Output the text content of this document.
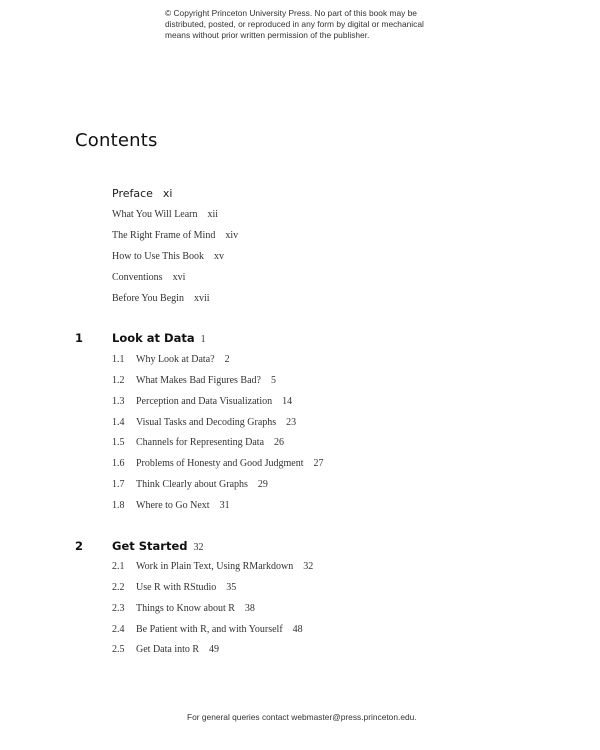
© Copyright Princeton University Press. No part of this book may be distributed, posted, or reproduced in any form by digital or mechanical means without prior written permission of the publisher.
Contents
Preface xi
What You Will Learn xii
The Right Frame of Mind xiv
How to Use This Book xv
Conventions xvi
Before You Begin xvii
1	Look at Data 1
1.1 Why Look at Data? 2
1.2 What Makes Bad Figures Bad? 5
1.3 Perception and Data Visualization 14
1.4 Visual Tasks and Decoding Graphs 23
1.5 Channels for Representing Data 26
1.6 Problems of Honesty and Good Judgment 27
1.7 Think Clearly about Graphs 29
1.8 Where to Go Next 31
2	Get Started 32
2.1 Work in Plain Text, Using RMarkdown 32
2.2 Use R with RStudio 35
2.3 Things to Know about R 38
2.4 Be Patient with R, and with Yourself 48
2.5 Get Data into R 49
For general queries contact webmaster@press.princeton.edu.
